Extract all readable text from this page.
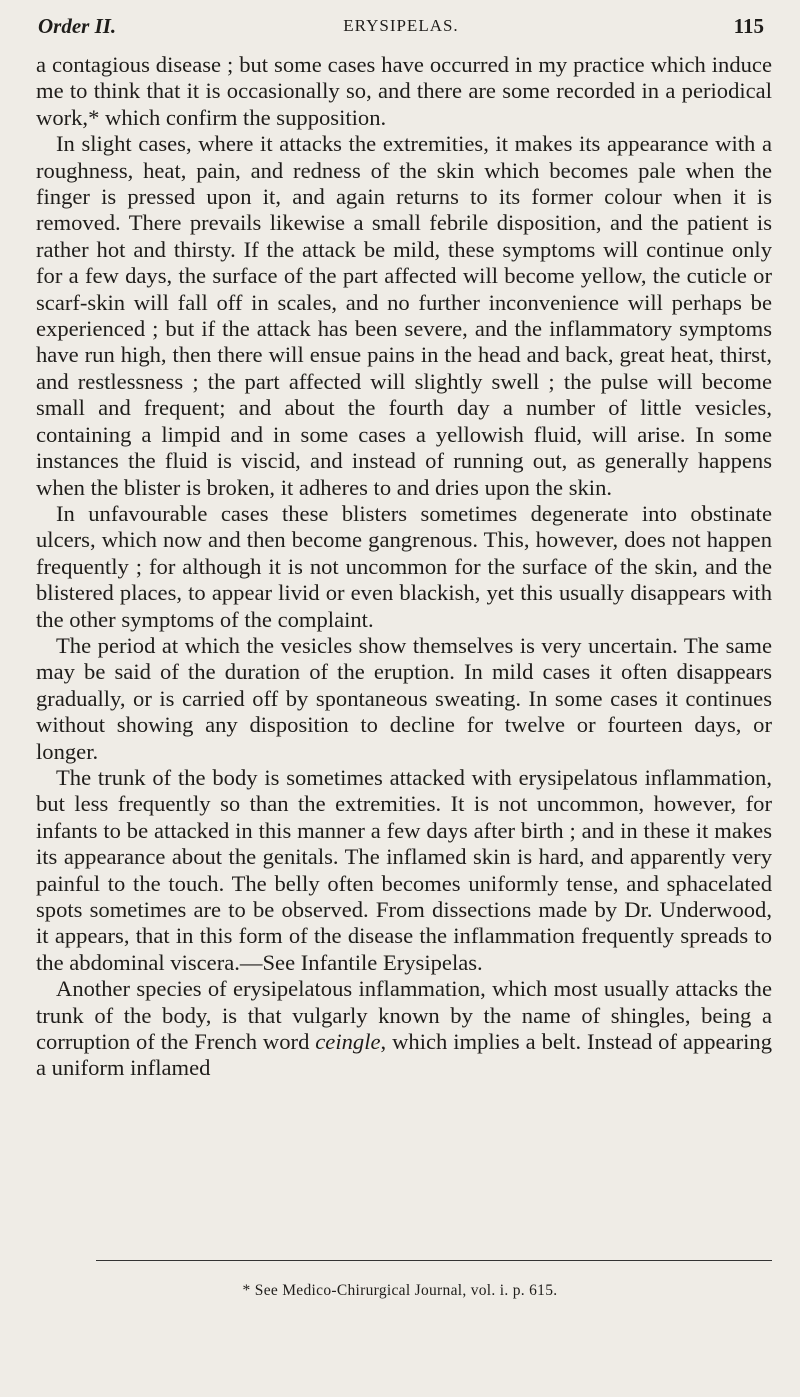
Order II.	ERYSIPELAS.	115

a contagious disease ; but some cases have occurred in my practice which induce me to think that it is occasionally so, and there are some recorded in a periodical work,* which confirm the supposition.

In slight cases, where it attacks the extremities, it makes its appearance with a roughness, heat, pain, and redness of the skin which becomes pale when the finger is pressed upon it, and again returns to its former colour when it is removed. There prevails likewise a small febrile disposition, and the patient is rather hot and thirsty. If the attack be mild, these symptoms will continue only for a few days, the surface of the part affected will become yellow, the cuticle or scarf-skin will fall off in scales, and no further inconvenience will perhaps be experienced ; but if the attack has been severe, and the inflammatory symptoms have run high, then there will ensue pains in the head and back, great heat, thirst, and restlessness ; the part affected will slightly swell ; the pulse will become small and frequent; and about the fourth day a number of little vesicles, containing a limpid and in some cases a yellowish fluid, will arise. In some instances the fluid is viscid, and instead of running out, as generally happens when the blister is broken, it adheres to and dries upon the skin.

In unfavourable cases these blisters sometimes degenerate into obstinate ulcers, which now and then become gangrenous. This, however, does not happen frequently ; for although it is not uncommon for the surface of the skin, and the blistered places, to appear livid or even blackish, yet this usually disappears with the other symptoms of the complaint.

The period at which the vesicles show themselves is very uncertain. The same may be said of the duration of the eruption. In mild cases it often disappears gradually, or is carried off by spontaneous sweating. In some cases it continues without showing any disposition to decline for twelve or fourteen days, or longer.

The trunk of the body is sometimes attacked with erysipelatous inflammation, but less frequently so than the extremities. It is not uncommon, however, for infants to be attacked in this manner a few days after birth ; and in these it makes its appearance about the genitals. The inflamed skin is hard, and apparently very painful to the touch. The belly often becomes uniformly tense, and sphacelated spots sometimes are to be observed. From dissections made by Dr. Underwood, it appears, that in this form of the disease the inflammation frequently spreads to the abdominal viscera.—See Infantile Erysipelas.

Another species of erysipelatous inflammation, which most usually attacks the trunk of the body, is that vulgarly known by the name of shingles, being a corruption of the French word ceingle, which implies a belt. Instead of appearing a uniform inflamed

* See Medico-Chirurgical Journal, vol. i. p. 615.
